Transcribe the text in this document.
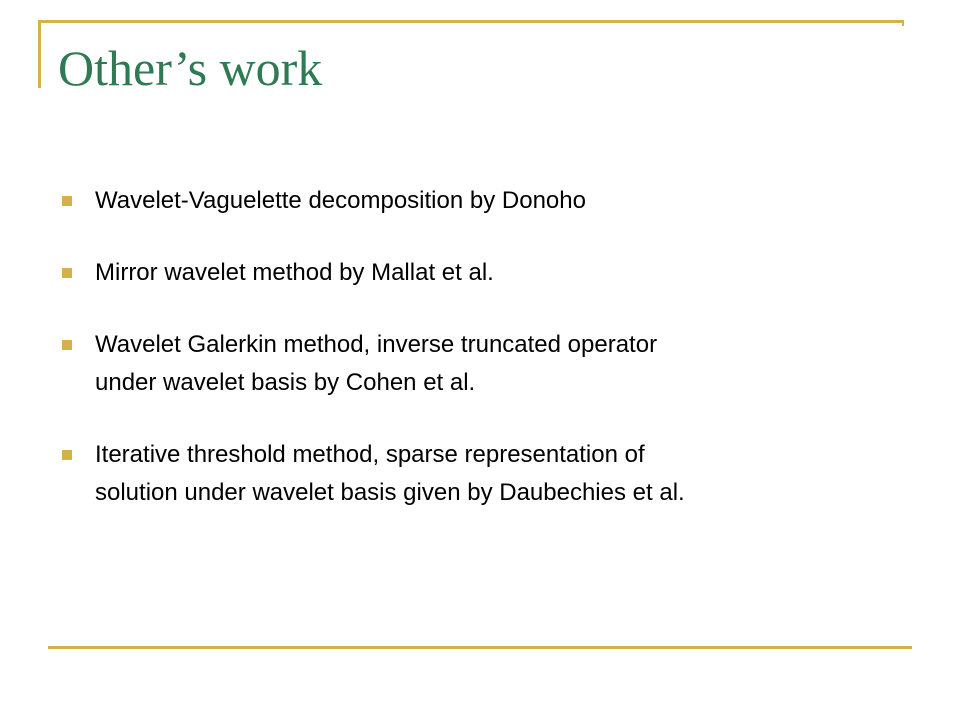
Other’s work
Wavelet-Vaguelette decomposition by Donoho
Mirror wavelet method by Mallat et al.
Wavelet Galerkin method, inverse truncated operator
under wavelet basis by Cohen et al.
Iterative threshold method, sparse representation of
solution under wavelet basis given by Daubechies et al.
